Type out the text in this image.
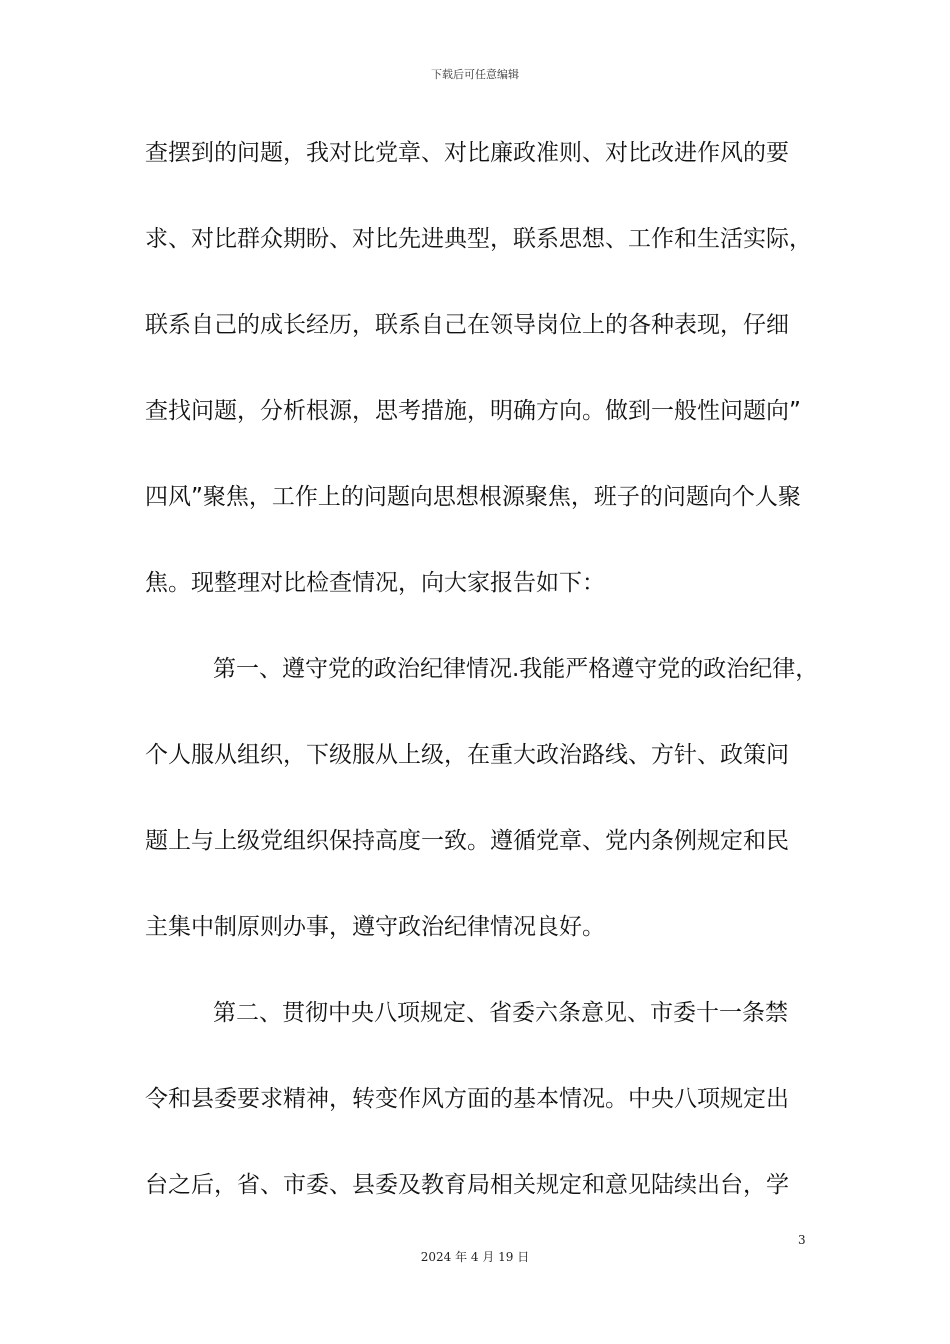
下载后可任意编辑
查摆到的问题，我对比党章、对比廉政准则、对比改进作风的要
求、对比群众期盼、对比先进典型，联系思想、工作和生活实际，
联系自己的成长经历，联系自己在领导岗位上的各种表现，仔细
查找问题，分析根源，思考措施，明确方向。做到一般性问题向”
四风”聚焦，工作上的问题向思想根源聚焦，班子的问题向个人聚
焦。现整理对比检查情况，向大家报告如下：
第一、遵守党的政治纪律情况.我能严格遵守党的政治纪律，
个人服从组织，下级服从上级，在重大政治路线、方针、政策问
题上与上级党组织保持高度一致。遵循党章、党内条例规定和民
主集中制原则办事，遵守政治纪律情况良好。
第二、贯彻中央八项规定、省委六条意见、市委十一条禁
令和县委要求精神，转变作风方面的基本情况。中央八项规定出
台之后，省、市委、县委及教育局相关规定和意见陆续出台，学
3
2024 年 4 月 19 日
